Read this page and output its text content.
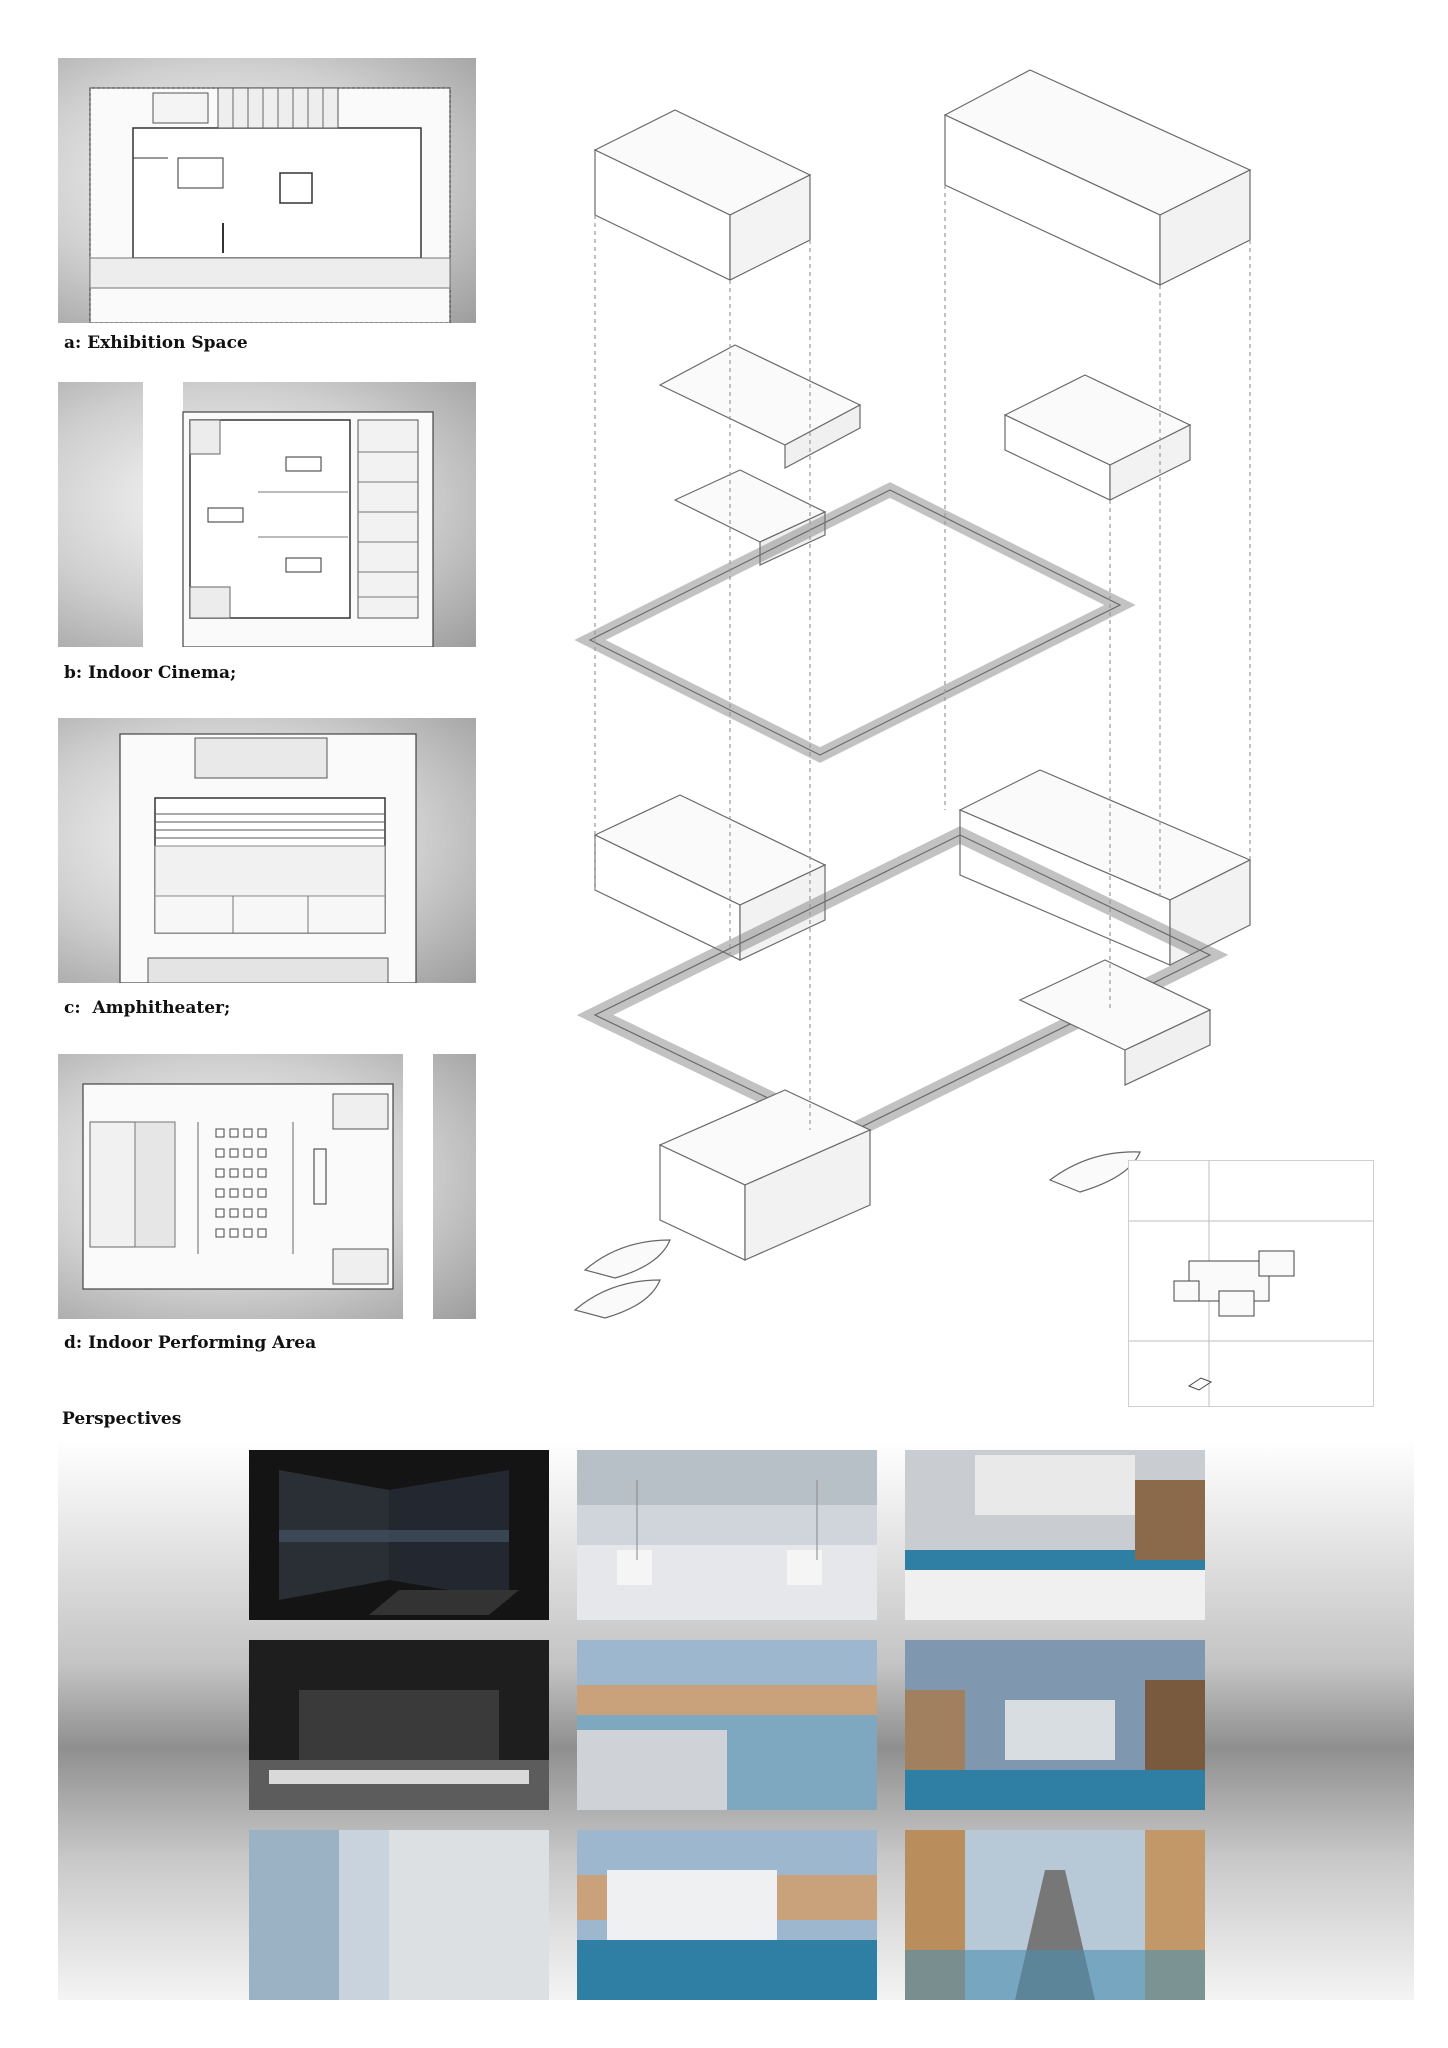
a: Exhibition Space
b: Indoor Cinema;
c:  Amphitheater;
d: Indoor Performing Area
Perspectives
